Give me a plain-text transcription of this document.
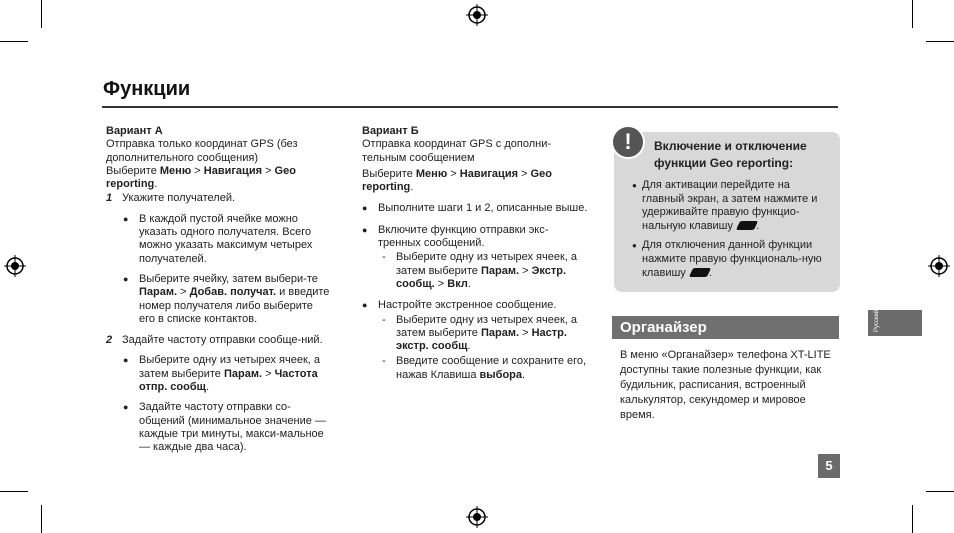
Функции

Вариант А

Отправка только координат GPS (без дополнительного сообщения)

Выберите Меню > Навигация > Geo reporting.

1 Укажите получателей.
● В каждой пустой ячейке можно указать одного получателя. Всего можно указать максимум четырех получателей.
● Выберите ячейку, затем выбери-те Парам. > Добав. получат. и введите номер получателя либо выберите его в списке контактов.
2 Задайте частоту отправки сообще-ний.
● Выберите одну из четырех ячеек, а затем выберите Парам. > Частота отпр. сообщ.
● Задайте частоту отправки со-общений (минимальное значение — каждые три минуты, макси-мальное — каждые два часа).

Вариант Б

Отправка координат GPS с дополни-тельным сообщением

Выберите Меню > Навигация > Geo reporting.

● Выполните шаги 1 и 2, описанные выше.
● Включите функцию отправки экс-тренных сообщений.
- Выберите одну из четырех ячеек, а затем выберите Парам. > Экстр. сообщ. > Вкл.
● Настройте экстренное сообщение.
- Выберите одну из четырех ячеек, а затем выберите Парам. > Настр. экстр. сообщ.
- Введите сообщение и сохраните его, нажав Клавиша выбора.
!	Включение и отключение функции Geo reporting:
● Для активации перейдите на главный экран, а затем нажмите и удерживайте правую функцио-нальную клавишу .
● Для отключения данной функции нажмите правую функциональ-ную клавишу .
Органайзер
В меню «Органайзер» телефона XT-LITE доступны такие полезные функции, как будильник, расписания, встроенный калькулятор, секундомер и мировое время.
Русский
5
